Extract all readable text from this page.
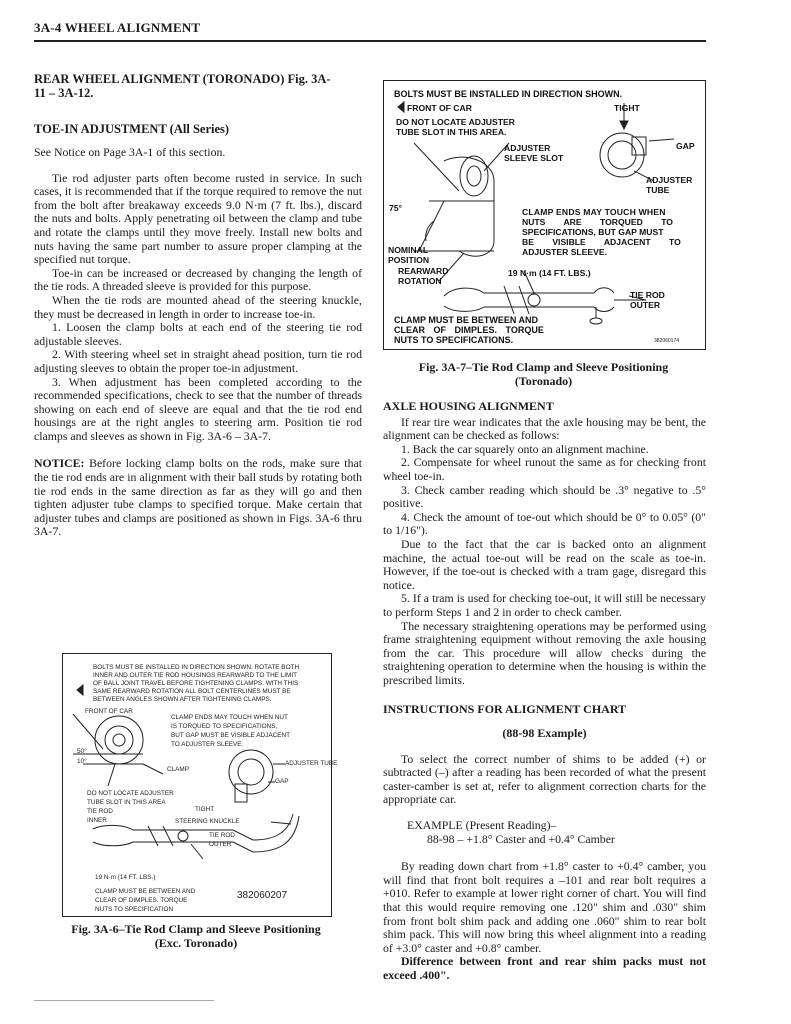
3A-4 WHEEL ALIGNMENT
REAR WHEEL ALIGNMENT (TORONADO) Fig. 3A-11 – 3A-12.
TOE-IN ADJUSTMENT (All Series)

See Notice on Page 3A-1 of this section.

Tie rod adjuster parts often become rusted in service. In such cases, it is recommended that if the torque required to remove the nut from the bolt after breakaway exceeds 9.0 N·m (7 ft. lbs.), discard the nuts and bolts. Apply penetrating oil between the clamp and tube and rotate the clamps until they move freely. Install new bolts and nuts having the same part number to assure proper clamping at the specified nut torque.

Toe-in can be increased or decreased by changing the length of the tie rods. A threaded sleeve is provided for this purpose.

When the tie rods are mounted ahead of the steering knuckle, they must be decreased in length in order to increase toe-in.

1. Loosen the clamp bolts at each end of the steering tie rod adjustable sleeves.

2. With steering wheel set in straight ahead position, turn tie rod adjusting sleeves to obtain the proper toe-in adjustment.

3. When adjustment has been completed according to the recommended specifications, check to see that the number of threads showing on each end of sleeve are equal and that the tie rod end housings are at the right angles to steering arm. Position tie rod clamps and sleeves as shown in Fig. 3A-6 – 3A-7.

NOTICE: Before locking clamp bolts on the rods, make sure that the tie rod ends are in alignment with their ball studs by rotating both tie rod ends in the same direction as far as they will go and then tighten adjuster tube clamps to specified torque. Make certain that adjuster tubes and clamps are positioned as shown in Figs. 3A-6 thru 3A-7.

BOLTS MUST BE INSTALLED IN DIRECTION SHOWN.
FRONT OF CAR	TIGHT
DO NOT LOCATE ADJUSTER
TUBE SLOT IN THIS AREA.
ADJUSTER
SLEEVE SLOT
GAP
ADJUSTER
TUBE
75°	CLAMP ENDS MAY TOUCH WHEN
NUTS ARE TORQUED TO
SPECIFICATIONS, BUT GAP MUST
BE VISIBLE ADJACENT TO
ADJUSTER SLEEVE.
NOMINAL
POSITION
REARWARD
ROTATION
19 N·m (14 FT. LBS.)
TIE ROD
OUTER
CLAMP MUST BE BETWEEN AND
CLEAR OF DIMPLES. TORQUE
NUTS TO SPECIFICATIONS.	382060174
Fig. 3A-7–Tie Rod Clamp and Sleeve Positioning
(Toronado)
BOLTS MUST BE INSTALLED IN DIRECTION SHOWN. ROTATE BOTH
INNER AND OUTER TIE ROD HOUSINGS REARWARD TO THE LIMIT
OF BALL JOINT TRAVEL BEFORE TIGHTENING CLAMPS. WITH THIS
SAME REARWARD ROTATION ALL BOLT CENTERLINES MUST BE
BETWEEN ANGLES SHOWN AFTER TIGHTENING CLAMPS.
FRONT OF CAR
CLAMP ENDS MAY TOUCH WHEN NUT
IS TORQUED TO SPECIFICATIONS,
BUT GAP MUST BE VISIBLE ADJACENT
TO ADJUSTER SLEEVE.
50°
10°
CLAMP
ADJUSTER TUBE
GAP
DO NOT LOCATE ADJUSTER
TUBE SLOT IN THIS AREA
TIE ROD
INNER
TIGHT
STEERING KNUCKLE
TIE ROD
OUTER
19 N·m (14 FT. LBS.)
CLAMP MUST BE BETWEEN AND
CLEAR OF DIMPLES. TORQUE
NUTS TO SPECIFICATION
382060207
Fig. 3A-6–Tie Rod Clamp and Sleeve Positioning
(Exc. Toronado)
AXLE HOUSING ALIGNMENT

If rear tire wear indicates that the axle housing may be bent, the alignment can be checked as follows:

1. Back the car squarely onto an alignment machine.

2. Compensate for wheel runout the same as for checking front wheel toe-in.

3. Check camber reading which should be .3° negative to .5° positive.

4. Check the amount of toe-out which should be 0° to 0.05° (0" to 1/16").

Due to the fact that the car is backed onto an alignment machine, the actual toe-out will be read on the scale as toe-in. However, if the toe-out is checked with a tram gage, disregard this notice.

5. If a tram is used for checking toe-out, it will still be necessary to perform Steps 1 and 2 in order to check camber.

The necessary straightening operations may be performed using frame straightening equipment without removing the axle housing from the car. This procedure will allow checks during the straightening operation to determine when the housing is within the prescribed limits.

INSTRUCTIONS FOR ALIGNMENT CHART
(88-98 Example)

To select the correct number of shims to be added (+) or subtracted (–) after a reading has been recorded of what the present caster-camber is set at, refer to alignment correction charts for the appropriate car.

EXAMPLE (Present Reading)–

88-98 – +1.8° Caster and +0.4° Camber

By reading down chart from +1.8° caster to +0.4° camber, you will find that front bolt requires a –101 and rear bolt requires a +010. Refer to example at lower right corner of chart. You will find that this would require removing one .120" shim and .030" shim from front bolt shim pack and adding one .060" shim to rear bolt shim pack. This will now bring this wheel alignment into a reading of +3.0° caster and +0.8° camber.

Difference between front and rear shim packs must not exceed .400".
